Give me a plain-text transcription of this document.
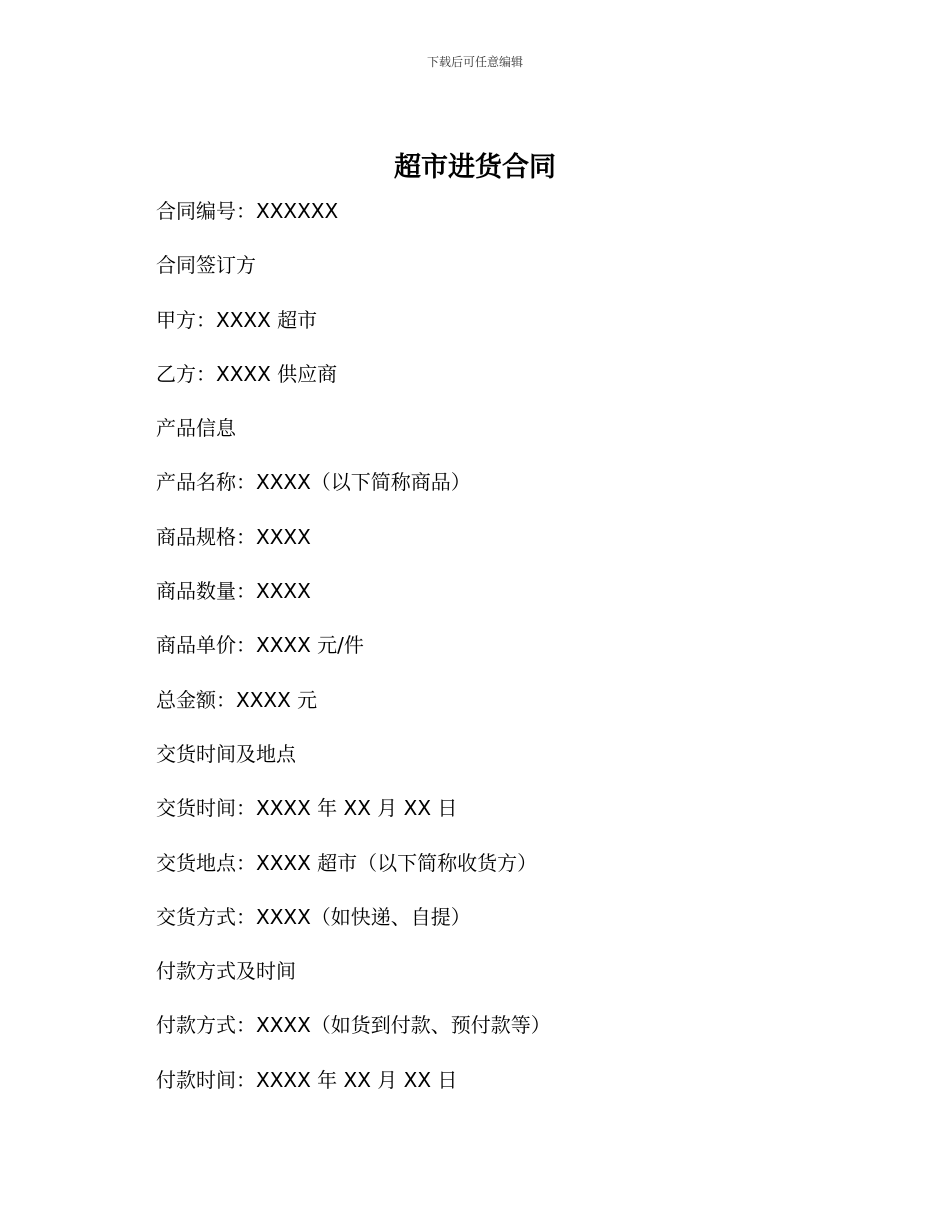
下载后可任意编辑
超市进货合同
合同编号：XXXXXX
合同签订方
甲方：XXXX 超市
乙方：XXXX 供应商
产品信息
产品名称：XXXX（以下简称商品）
商品规格：XXXX
商品数量：XXXX
商品单价：XXXX 元/件
总金额：XXXX 元
交货时间及地点
交货时间：XXXX 年 XX 月 XX 日
交货地点：XXXX 超市（以下简称收货方）
交货方式：XXXX（如快递、自提）
付款方式及时间
付款方式：XXXX（如货到付款、预付款等）
付款时间：XXXX 年 XX 月 XX 日
